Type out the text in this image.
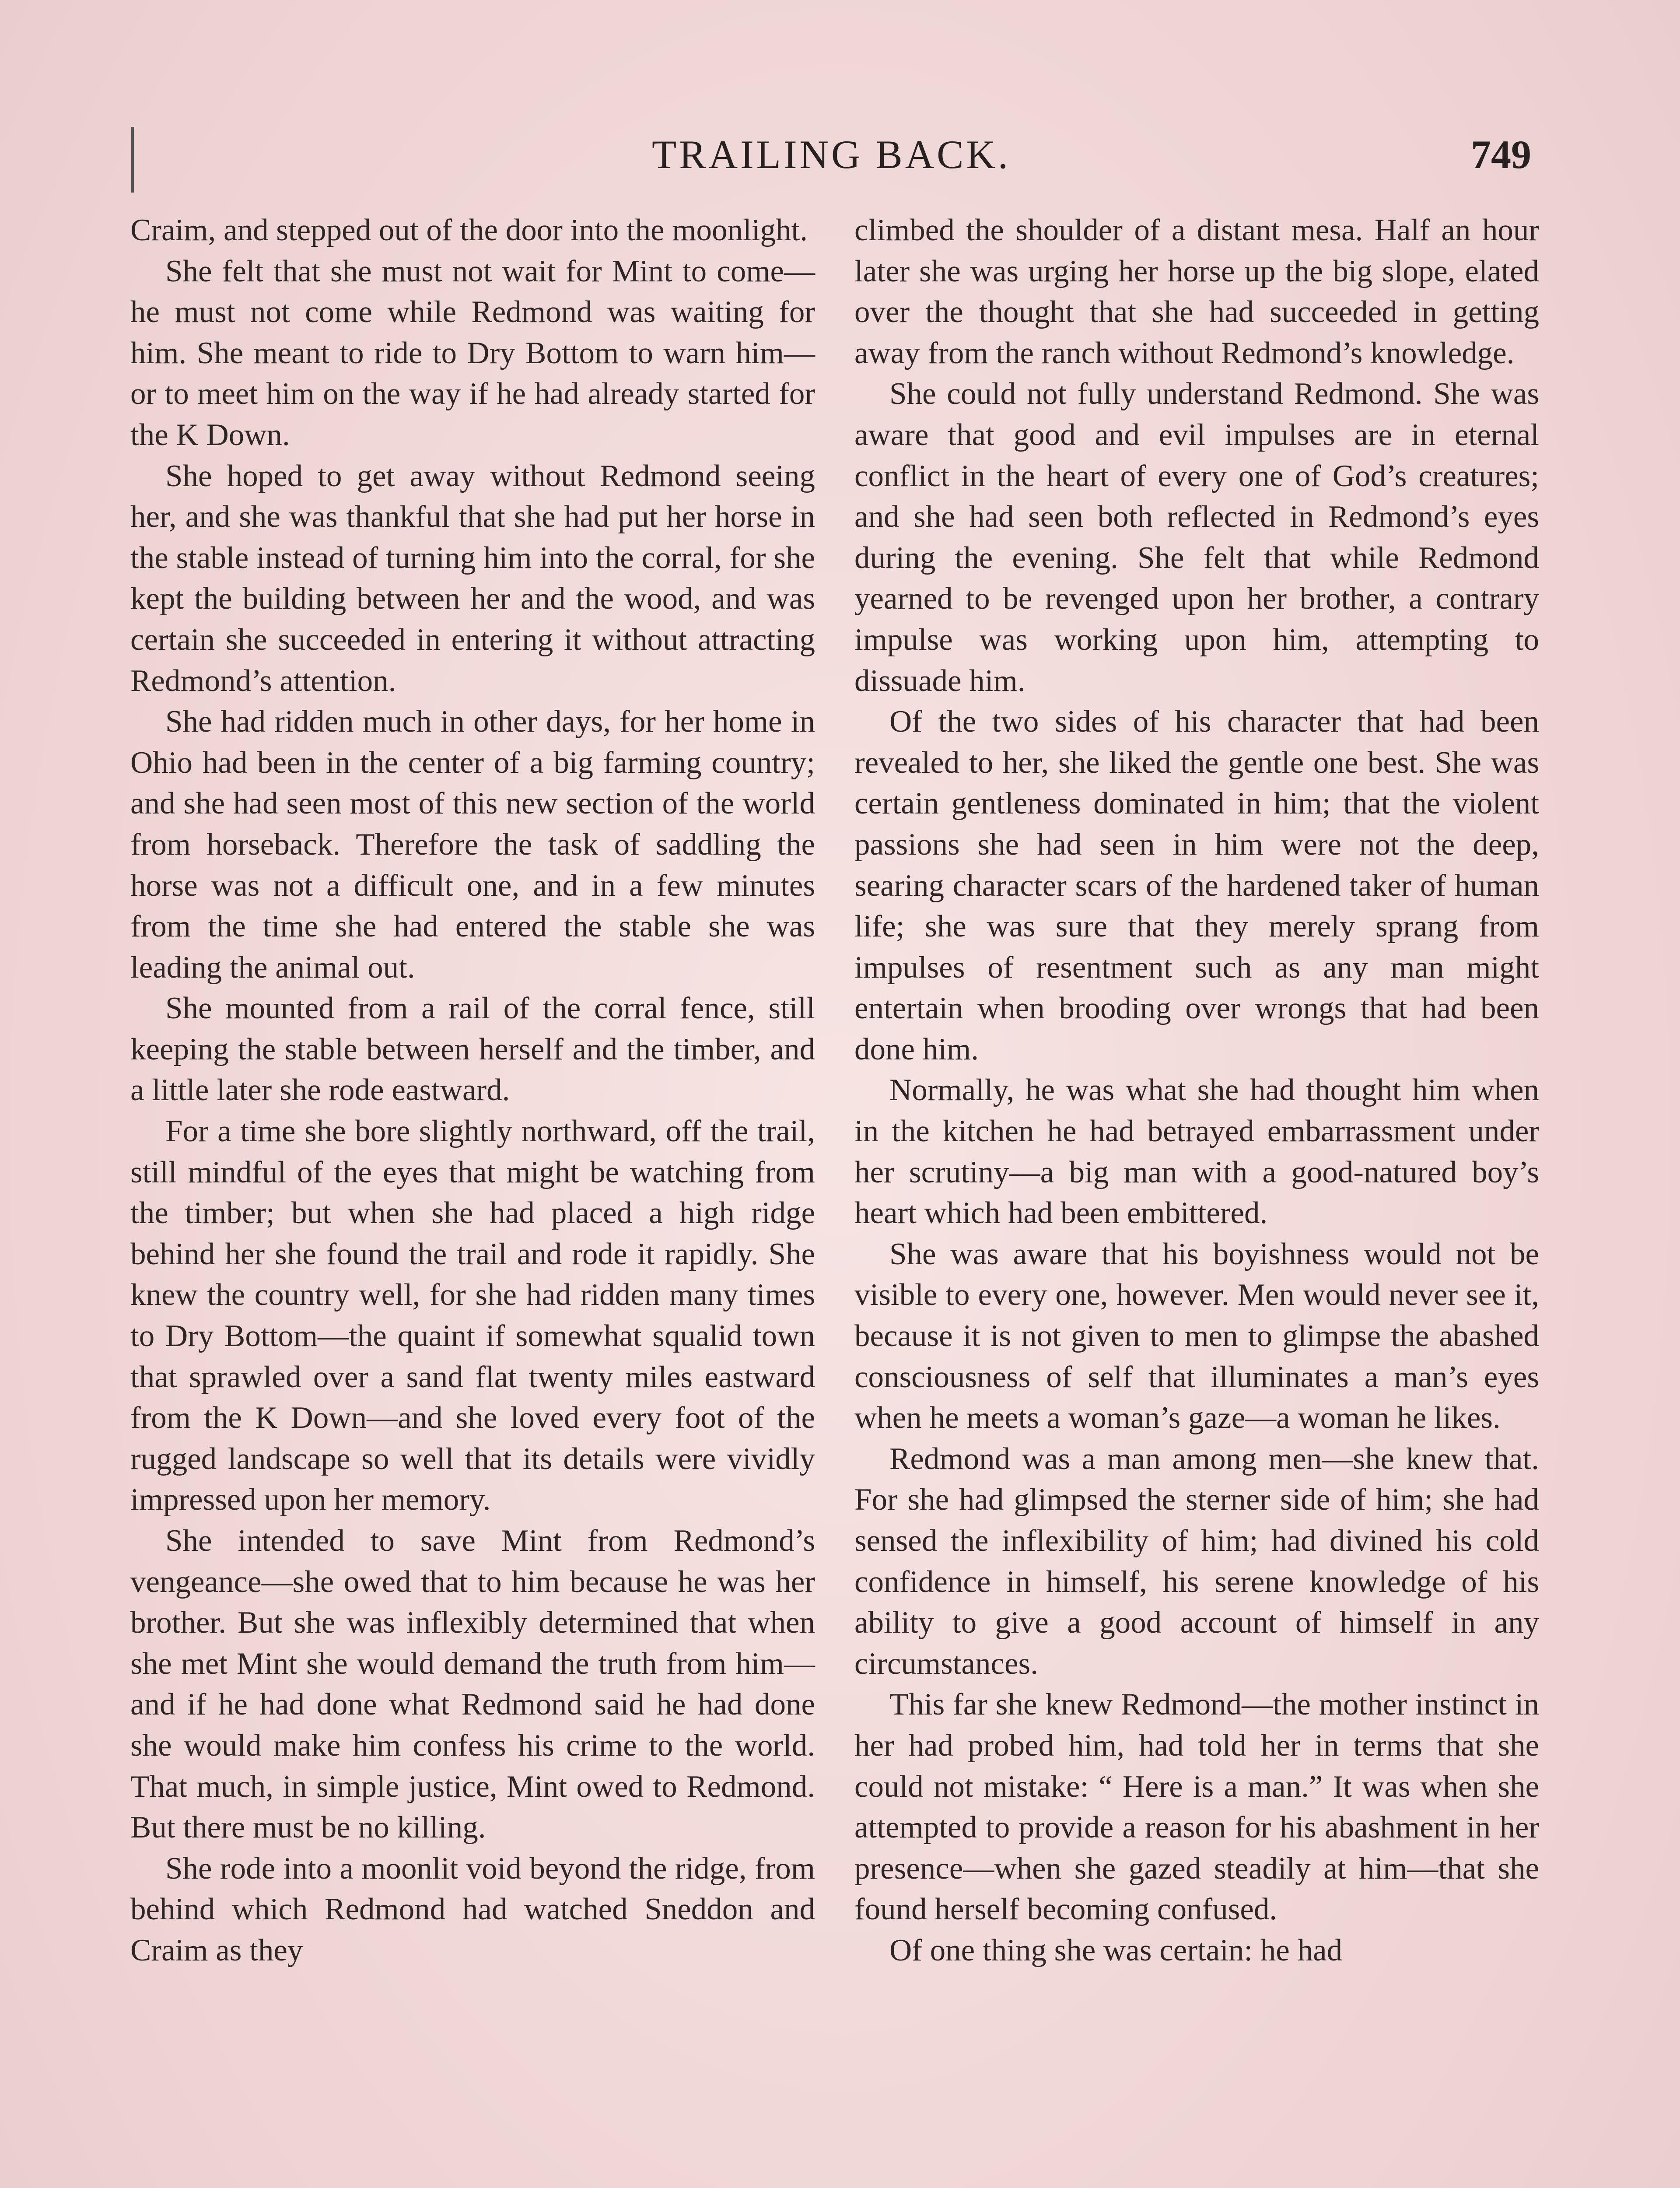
TRAILING BACK.	749

Craim, and stepped out of the door into the moonlight.

She felt that she must not wait for Mint to come—he must not come while Redmond was waiting for him. She meant to ride to Dry Bottom to warn him—or to meet him on the way if he had already started for the K Down.

She hoped to get away without Redmond seeing her, and she was thankful that she had put her horse in the stable instead of turning him into the corral, for she kept the building between her and the wood, and was certain she succeeded in entering it without attracting Redmond’s attention.

She had ridden much in other days, for her home in Ohio had been in the center of a big farming country; and she had seen most of this new section of the world from horseback. Therefore the task of saddling the horse was not a difficult one, and in a few minutes from the time she had entered the stable she was leading the animal out.

She mounted from a rail of the corral fence, still keeping the stable between herself and the timber, and a little later she rode eastward.

For a time she bore slightly northward, off the trail, still mindful of the eyes that might be watching from the timber; but when she had placed a high ridge behind her she found the trail and rode it rapidly. She knew the country well, for she had ridden many times to Dry Bottom—the quaint if somewhat squalid town that sprawled over a sand flat twenty miles eastward from the K Down—and she loved every foot of the rugged landscape so well that its details were vividly impressed upon her memory.

She intended to save Mint from Redmond’s vengeance—she owed that to him because he was her brother. But she was inflexibly determined that when she met Mint she would demand the truth from him—and if he had done what Redmond said he had done she would make him confess his crime to the world. That much, in simple justice, Mint owed to Redmond. But there must be no killing.

She rode into a moonlit void beyond the ridge, from behind which Redmond had watched Sneddon and Craim as they

climbed the shoulder of a distant mesa. Half an hour later she was urging her horse up the big slope, elated over the thought that she had succeeded in getting away from the ranch without Redmond’s knowledge.

She could not fully understand Redmond. She was aware that good and evil impulses are in eternal conflict in the heart of every one of God’s creatures; and she had seen both reflected in Redmond’s eyes during the evening. She felt that while Redmond yearned to be revenged upon her brother, a contrary impulse was working upon him, attempting to dissuade him.

Of the two sides of his character that had been revealed to her, she liked the gentle one best. She was certain gentleness dominated in him; that the violent passions she had seen in him were not the deep, searing character scars of the hardened taker of human life; she was sure that they merely sprang from impulses of resentment such as any man might entertain when brooding over wrongs that had been done him.

Normally, he was what she had thought him when in the kitchen he had betrayed embarrassment under her scrutiny—a big man with a good-natured boy’s heart which had been embittered.

She was aware that his boyishness would not be visible to every one, however. Men would never see it, because it is not given to men to glimpse the abashed consciousness of self that illuminates a man’s eyes when he meets a woman’s gaze—a woman he likes.

Redmond was a man among men—she knew that. For she had glimpsed the sterner side of him; she had sensed the inflexibility of him; had divined his cold confidence in himself, his serene knowledge of his ability to give a good account of himself in any circumstances.

This far she knew Redmond—the mother instinct in her had probed him, had told her in terms that she could not mistake: “ Here is a man.” It was when she attempted to provide a reason for his abashment in her presence—when she gazed steadily at him—that she found herself becoming confused.

Of one thing she was certain: he had
